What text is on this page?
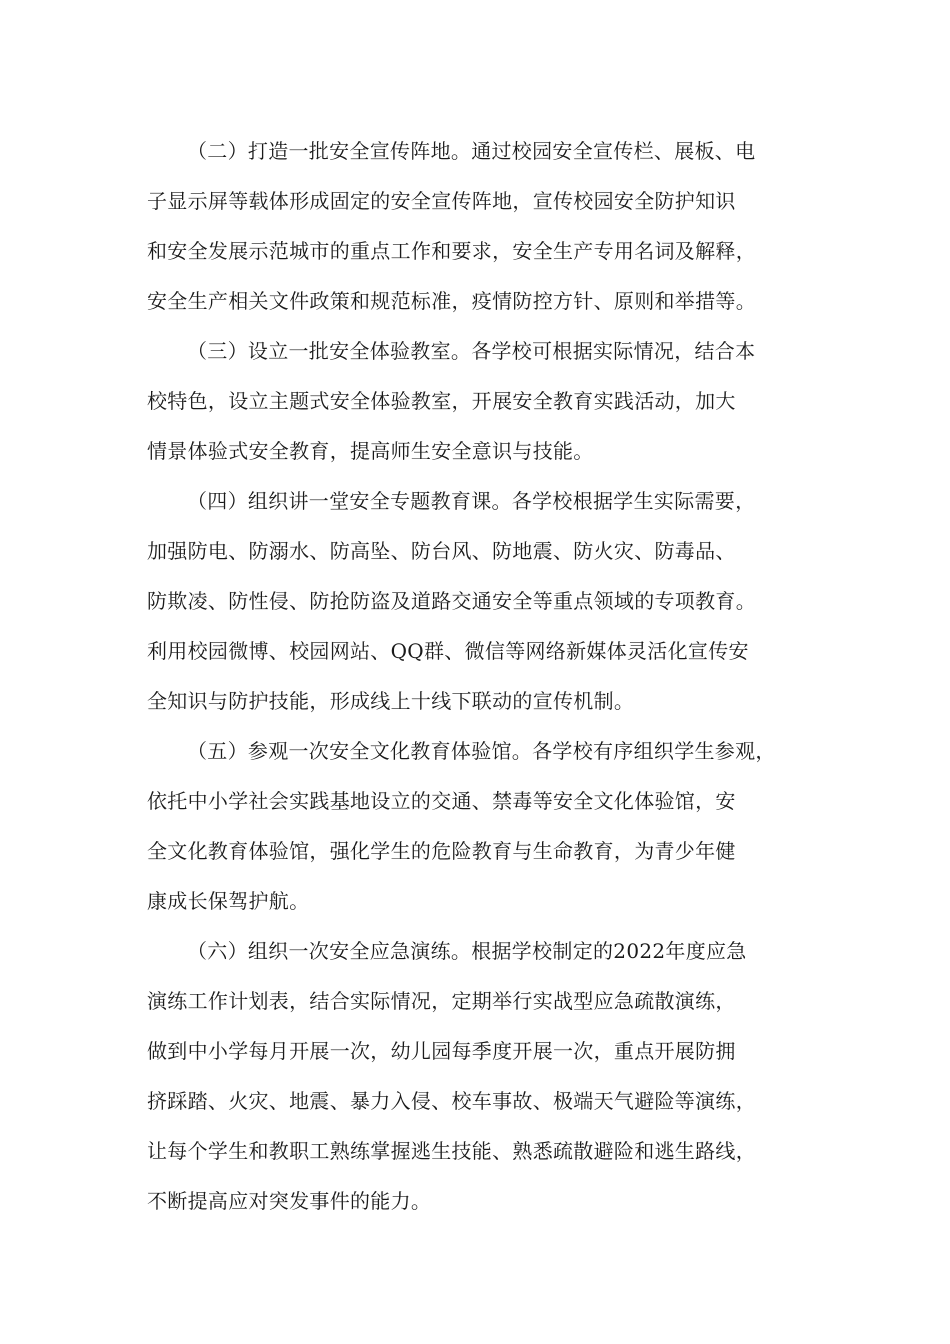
（二）打造一批安全宣传阵地。通过校园安全宣传栏、展板、电
子显示屏等载体形成固定的安全宣传阵地，宣传校园安全防护知识
和安全发展示范城市的重点工作和要求，安全生产专用名词及解释，
安全生产相关文件政策和规范标准，疫情防控方针、原则和举措等。
（三）设立一批安全体验教室。各学校可根据实际情况，结合本
校特色，设立主题式安全体验教室，开展安全教育实践活动，加大
情景体验式安全教育，提高师生安全意识与技能。
（四）组织讲一堂安全专题教育课。各学校根据学生实际需要，
加强防电、防溺水、防高坠、防台风、防地震、防火灾、防毒品、
防欺凌、防性侵、防抢防盗及道路交通安全等重点领域的专项教育。
利用校园微博、校园网站、QQ群、微信等网络新媒体灵活化宣传安
全知识与防护技能，形成线上十线下联动的宣传机制。
（五）参观一次安全文化教育体验馆。各学校有序组织学生参观，
依托中小学社会实践基地设立的交通、禁毒等安全文化体验馆，安
全文化教育体验馆，强化学生的危险教育与生命教育，为青少年健
康成长保驾护航。
（六）组织一次安全应急演练。根据学校制定的2022年度应急
演练工作计划表，结合实际情况，定期举行实战型应急疏散演练，
做到中小学每月开展一次，幼儿园每季度开展一次，重点开展防拥
挤踩踏、火灾、地震、暴力入侵、校车事故、极端天气避险等演练，
让每个学生和教职工熟练掌握逃生技能、熟悉疏散避险和逃生路线，
不断提高应对突发事件的能力。
